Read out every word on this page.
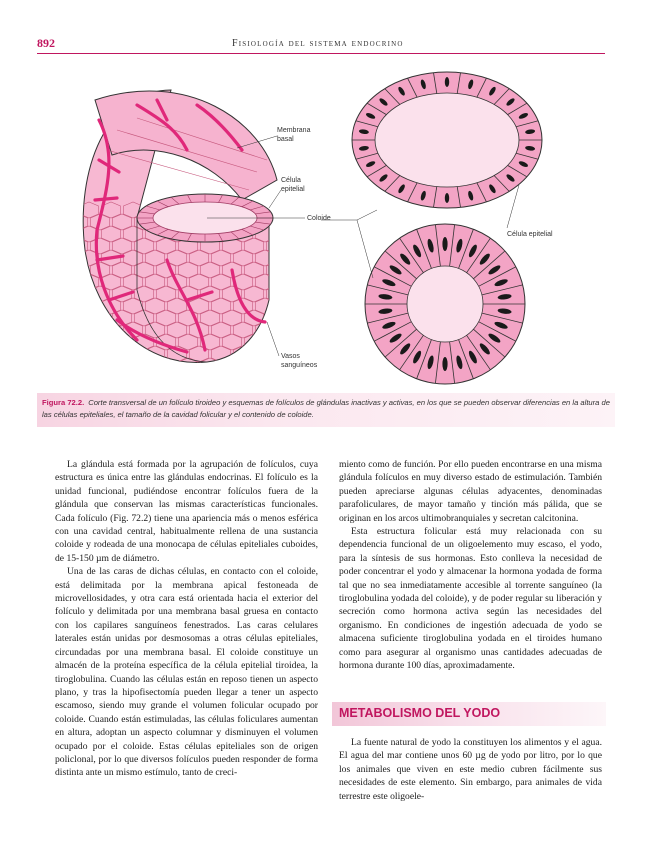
892	Fisiología del sistema endocrino
Membrana
basal
Célula
epitelial
Coloide
Vasos
sanguíneos
Célula epitelial
Figura 72.2. Corte transversal de un folículo tiroideo y esquemas de folículos de glándulas inactivas y activas, en los que se pueden observar diferencias en la altura de las células epiteliales, el tamaño de la cavidad folicular y el contenido de coloide.

La glándula está formada por la agrupación de folículos, cuya estructura es única entre las glándulas endocrinas. El folículo es la unidad funcional, pudiéndose encontrar folículos fuera de la glándula que conservan las mismas características funcionales. Cada folículo (Fig. 72.2) tiene una apariencia más o menos esférica con una cavidad central, habitualmente rellena de una sustancia coloide y rodeada de una monocapa de células epiteliales cuboides, de 15-150 µm de diámetro.

Una de las caras de dichas células, en contacto con el coloide, está delimitada por la membrana apical festoneada de microvellosidades, y otra cara está orientada hacia el exterior del folículo y delimitada por una membrana basal gruesa en contacto con los capilares sanguíneos fenestrados. Las caras celulares laterales están unidas por desmosomas a otras células epiteliales, circundadas por una membrana basal. El coloide constituye un almacén de la proteína específica de la célula epitelial tiroidea, la tiroglobulina. Cuando las células están en reposo tienen un aspecto plano, y tras la hipofisectomía pueden llegar a tener un aspecto escamoso, siendo muy grande el volumen folicular ocupado por coloide. Cuando están estimuladas, las células foliculares aumentan en altura, adoptan un aspecto columnar y disminuyen el volumen ocupado por el coloide. Estas células epiteliales son de origen policlonal, por lo que diversos folículos pueden responder de forma distinta ante un mismo estímulo, tanto de creci-

miento como de función. Por ello pueden encontrarse en una misma glándula folículos en muy diverso estado de estimulación. También pueden apreciarse algunas células adyacentes, denominadas parafoliculares, de mayor tamaño y tinción más pálida, que se originan en los arcos ultimobranquiales y secretan calcitonina.

Esta estructura folicular está muy relacionada con su dependencia funcional de un oligoelemento muy escaso, el yodo, para la síntesis de sus hormonas. Esto conlleva la necesidad de poder concentrar el yodo y almacenar la hormona yodada de forma tal que no sea inmediatamente accesible al torrente sanguíneo (la tiroglobulina yodada del coloide), y de poder regular su liberación y secreción como hormona activa según las necesidades del organismo. En condiciones de ingestión adecuada de yodo se almacena suficiente tiroglobulina yodada en el tiroides humano como para asegurar al organismo unas cantidades adecuadas de hormona durante 100 días, aproximadamente.

METABOLISMO DEL YODO

La fuente natural de yodo la constituyen los alimentos y el agua. El agua del mar contiene unos 60 µg de yodo por litro, por lo que los animales que viven en este medio cubren fácilmente sus necesidades de este elemento. Sin embargo, para animales de vida terrestre este oligoele-
